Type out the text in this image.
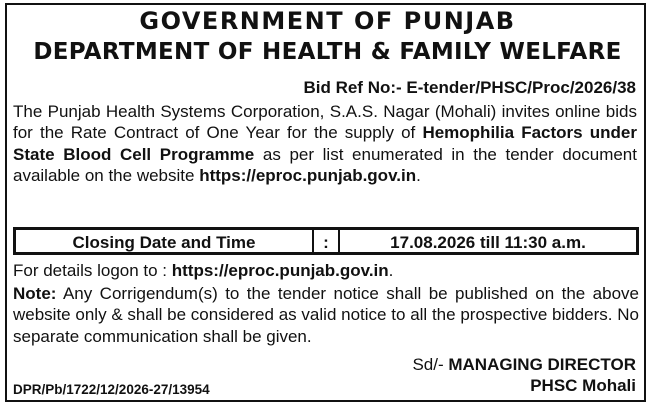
GOVERNMENT OF PUNJAB
DEPARTMENT OF HEALTH & FAMILY WELFARE
Bid Ref No:- E-tender/PHSC/Proc/2026/38
The Punjab Health Systems Corporation, S.A.S. Nagar (Mohali) invites online bids for the Rate Contract of One Year for the supply of Hemophilia Factors under State Blood Cell Programme as per list enumerated in the tender document available on the website https://eproc.punjab.gov.in.
Closing Date and Time	:	17.08.2026 till 11:30 a.m.
For details logon to : https://eproc.punjab.gov.in.
Note: Any Corrigendum(s) to the tender notice shall be published on the above website only & shall be considered as valid notice to all the prospective bidders. No separate communication shall be given.
Sd/- MANAGING DIRECTOR
PHSC Mohali
DPR/Pb/1722/12/2026-27/13954
